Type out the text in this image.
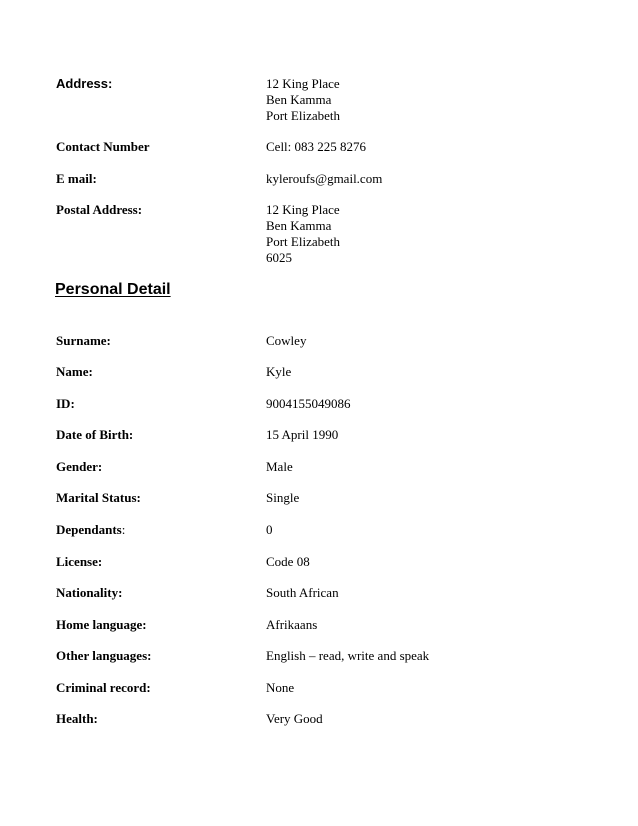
Address:	12 King Place
Ben Kamma
Port Elizabeth
Contact Number	Cell: 083 225 8276
E mail:	kyleroufs@gmail.com
Postal Address:	12 King Place
Ben Kamma
Port Elizabeth
6025
Personal Detail
Surname:	Cowley
Name:	Kyle
ID:	9004155049086
Date of Birth:	15 April 1990
Gender:	Male
Marital Status:	Single
Dependants:	0
License:	Code 08
Nationality:	South African
Home language:	Afrikaans
Other languages:	English – read, write and speak
Criminal record:	None
Health:	Very Good
